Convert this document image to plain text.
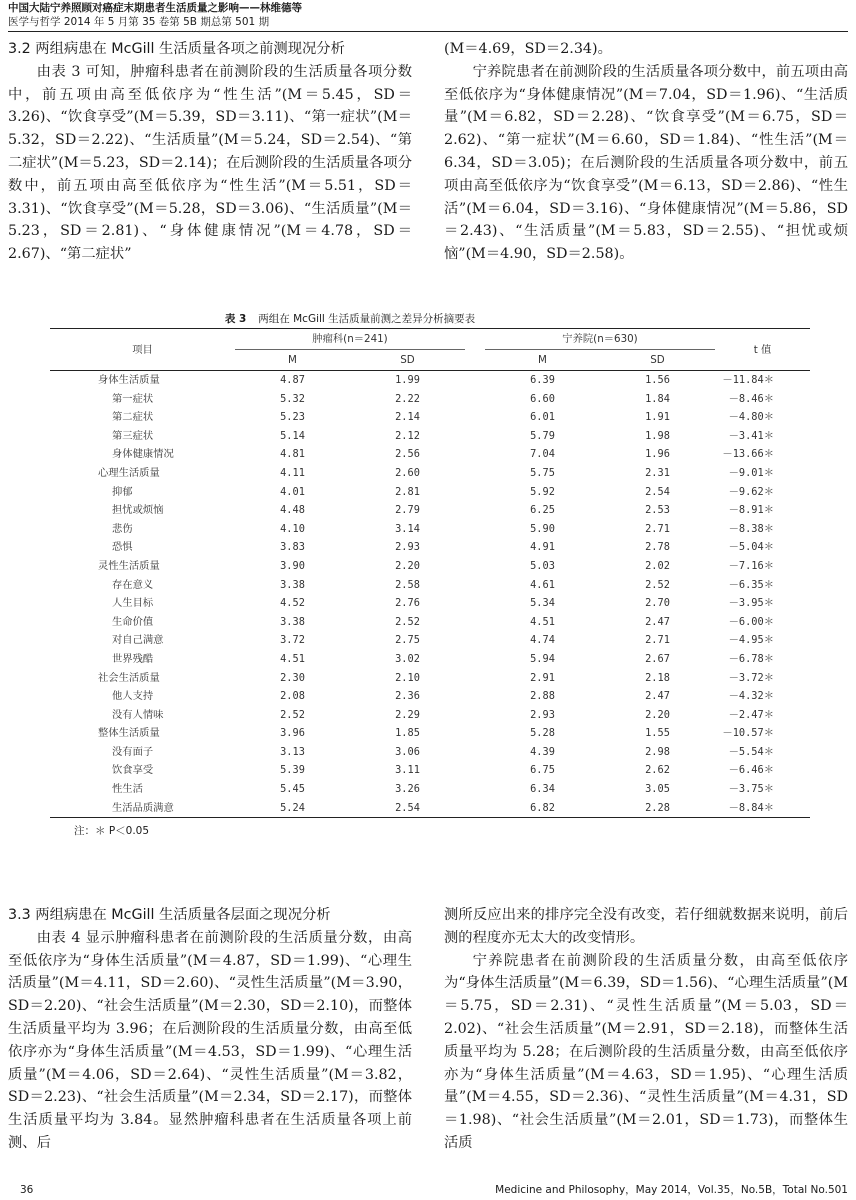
中国大陆宁养照顾对癌症末期患者生活质量之影响——林维德等
医学与哲学 2014 年 5 月第 35 卷第 5B 期总第 501 期
3.2 两组病患在 McGill 生活质量各项之前测现况分析
由表 3 可知，肿瘤科患者在前测阶段的生活质量各项分数中，前五项由高至低依序为“性生活”(M＝5.45，SD＝3.26)、“饮食享受”(M＝5.39，SD＝3.11)、“第一症状”(M＝5.32，SD＝2.22)、“生活质量”(M＝5.24，SD＝2.54)、“第二症状”(M＝5.23，SD＝2.14)；在后测阶段的生活质量各项分数中，前五项由高至低依序为“性生活”(M＝5.51，SD＝3.31)、“饮食享受”(M＝5.28，SD＝3.06)、“生活质量”(M＝5.23，SD＝2.81)、“身体健康情况”(M＝4.78，SD＝2.67)、“第二症状”
(M＝4.69，SD＝2.34)。
宁养院患者在前测阶段的生活质量各项分数中，前五项由高至低依序为“身体健康情况”(M＝7.04，SD＝1.96)、“生活质量”(M＝6.82，SD＝2.28)、“饮食享受”(M＝6.75，SD＝2.62)、“第一症状”(M＝6.60，SD＝1.84)、“性生活”(M＝6.34，SD＝3.05)；在后测阶段的生活质量各项分数中，前五项由高至低依序为“饮食享受”(M＝6.13，SD＝2.86)、“性生活”(M＝6.04，SD＝3.16)、“身体健康情况”(M＝5.86，SD＝2.43)、“生活质量”(M＝5.83，SD＝2.55)、“担忧或烦恼”(M＝4.90，SD＝2.58)。
表 3 两组在 McGill 生活质量前测之差异分析摘要表
项目	肿瘤科(n＝241)			宁养院(n＝630)		t 值
	M	SD		M	SD	
身体生活质量	4.87	1.99		6.39	1.56	－11.84＊
第一症状	5.32	2.22		6.60	1.84	－8.46＊
第二症状	5.23	2.14		6.01	1.91	－4.80＊
第三症状	5.14	2.12		5.79	1.98	－3.41＊
身体健康情况	4.81	2.56		7.04	1.96	－13.66＊
心理生活质量	4.11	2.60		5.75	2.31	－9.01＊
抑郁	4.01	2.81		5.92	2.54	－9.62＊
担忧或烦恼	4.48	2.79		6.25	2.53	－8.91＊
悲伤	4.10	3.14		5.90	2.71	－8.38＊
恐惧	3.83	2.93		4.91	2.78	－5.04＊
灵性生活质量	3.90	2.20		5.03	2.02	－7.16＊
存在意义	3.38	2.58		4.61	2.52	－6.35＊
人生目标	4.52	2.76		5.34	2.70	－3.95＊
生命价值	3.38	2.52		4.51	2.47	－6.00＊
对自己满意	3.72	2.75		4.74	2.71	－4.95＊
世界残酷	4.51	3.02		5.94	2.67	－6.78＊
社会生活质量	2.30	2.10		2.91	2.18	－3.72＊
他人支持	2.08	2.36		2.88	2.47	－4.32＊
没有人情味	2.52	2.29		2.93	2.20	－2.47＊
整体生活质量	3.96	1.85		5.28	1.55	－10.57＊
没有面子	3.13	3.06		4.39	2.98	－5.54＊
饮食享受	5.39	3.11		6.75	2.62	－6.46＊
性生活	5.45	3.26		6.34	3.05	－3.75＊
生活品质满意	5.24	2.54		6.82	2.28	－8.84＊
注：＊ P＜0.05
3.3 两组病患在 McGill 生活质量各层面之现况分析
由表 4 显示肿瘤科患者在前测阶段的生活质量分数，由高至低依序为“身体生活质量”(M＝4.87，SD＝1.99)、“心理生活质量”(M＝4.11，SD＝2.60)、“灵性生活质量”(M＝3.90，SD＝2.20)、“社会生活质量”(M＝2.30，SD＝2.10)，而整体生活质量平均为 3.96；在后测阶段的生活质量分数，由高至低依序亦为“身体生活质量”(M＝4.53，SD＝1.99)、“心理生活质量”(M＝4.06，SD＝2.64)、“灵性生活质量”(M＝3.82，SD＝2.23)、“社会生活质量”(M＝2.34，SD＝2.17)，而整体生活质量平均为 3.84。显然肿瘤科患者在生活质量各项上前测、后
测所反应出来的排序完全没有改变，若仔细就数据来说明，前后测的程度亦无太大的改变情形。
宁养院患者在前测阶段的生活质量分数，由高至低依序为“身体生活质量”(M＝6.39，SD＝1.56)、“心理生活质量”(M＝5.75，SD＝2.31)、“灵性生活质量”(M＝5.03，SD＝2.02)、“社会生活质量”(M＝2.91，SD＝2.18)，而整体生活质量平均为 5.28；在后测阶段的生活质量分数，由高至低依序亦为“身体生活质量”(M＝4.63，SD＝1.95)、“心理生活质量”(M＝4.55，SD＝2.36)、“灵性生活质量”(M＝4.31，SD＝1.98)、“社会生活质量”(M＝2.01，SD＝1.73)，而整体生活质
36	Medicine and Philosophy，May 2014，Vol.35，No.5B，Total No.501
